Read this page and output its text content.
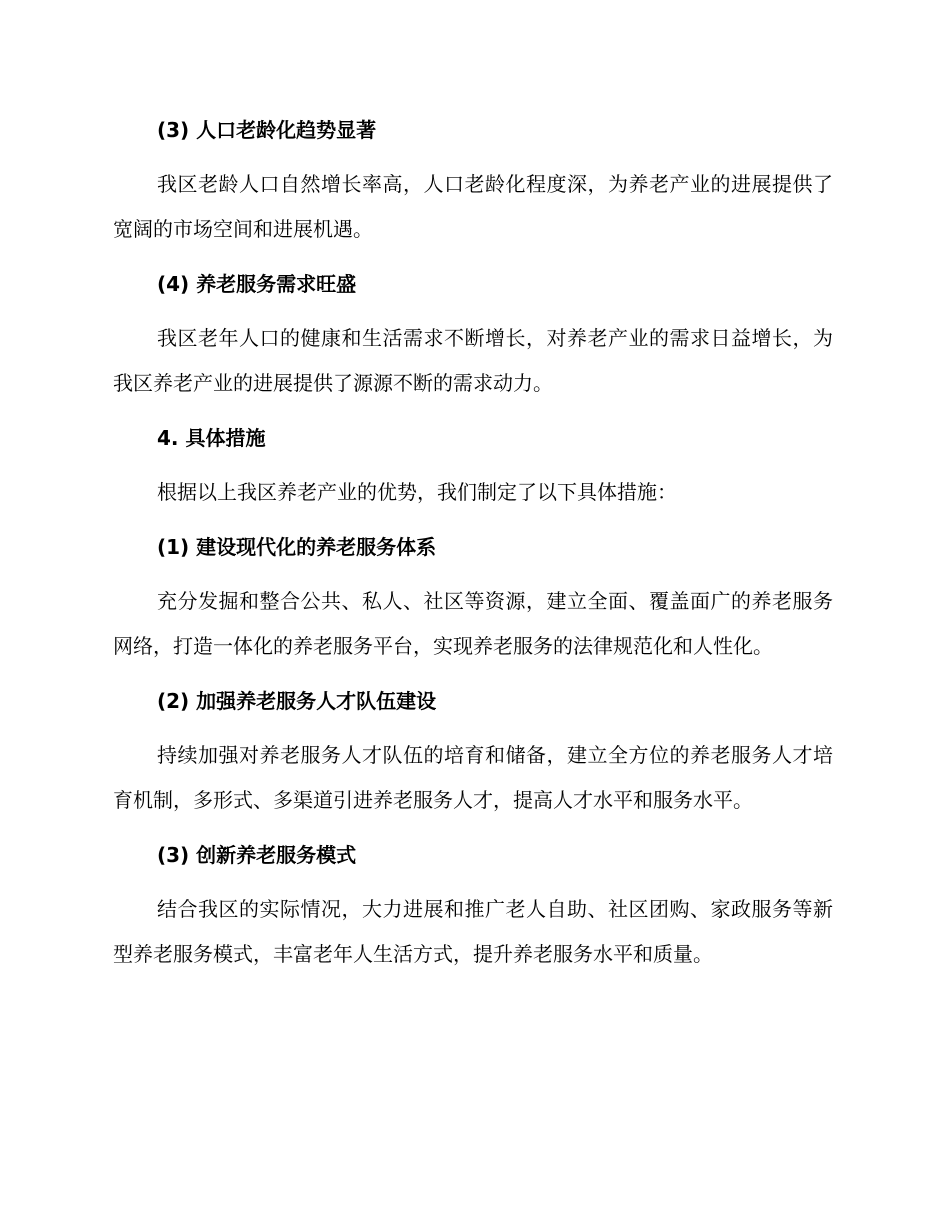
(3) 人口老龄化趋势显著

我区老龄人口自然增长率高，人口老龄化程度深，为养老产业的进展提供了宽阔的市场空间和进展机遇。

(4) 养老服务需求旺盛

我区老年人口的健康和生活需求不断增长，对养老产业的需求日益增长，为我区养老产业的进展提供了源源不断的需求动力。

4. 具体措施

根据以上我区养老产业的优势，我们制定了以下具体措施：

(1) 建设现代化的养老服务体系

充分发掘和整合公共、私人、社区等资源，建立全面、覆盖面广的养老服务网络，打造一体化的养老服务平台，实现养老服务的法律规范化和人性化。

(2) 加强养老服务人才队伍建设

持续加强对养老服务人才队伍的培育和储备，建立全方位的养老服务人才培育机制，多形式、多渠道引进养老服务人才，提高人才水平和服务水平。

(3) 创新养老服务模式

结合我区的实际情况，大力进展和推广老人自助、社区团购、家政服务等新型养老服务模式，丰富老年人生活方式，提升养老服务水平和质量。
